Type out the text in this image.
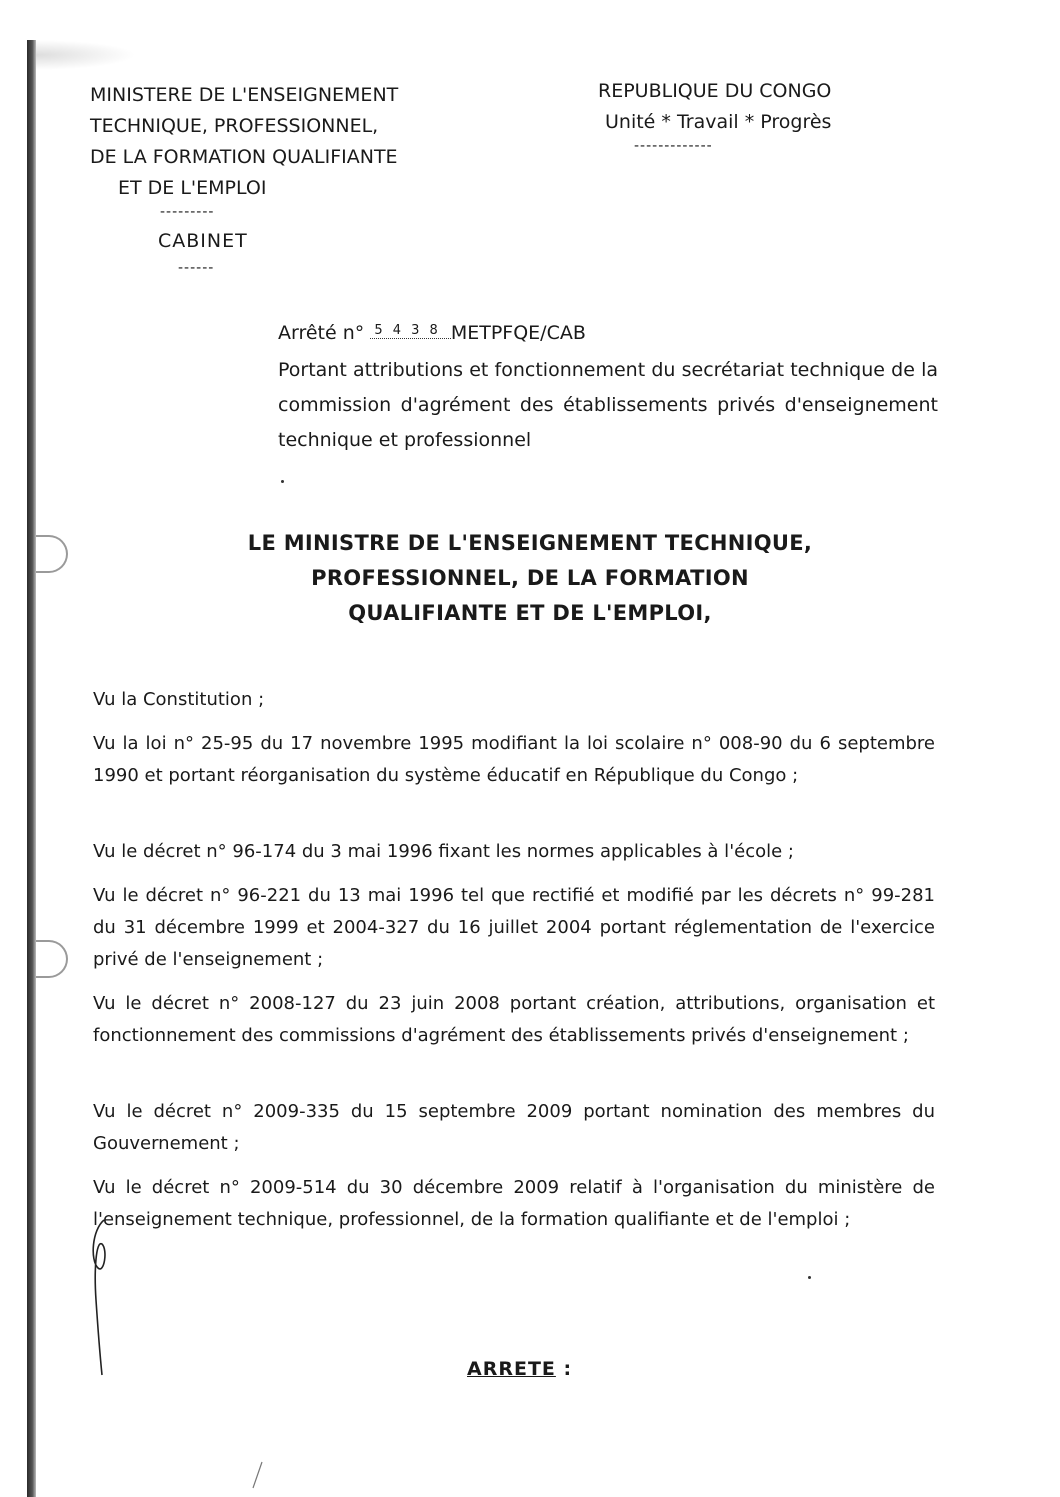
MINISTERE DE L'ENSEIGNEMENT
TECHNIQUE, PROFESSIONNEL,
DE LA FORMATION QUALIFIANTE
ET DE L'EMPLOI
---------
CABINET
------
REPUBLIQUE DU CONGO
Unité * Travail * Progrès
-------------
Arrêté n° $^{5 4 3 8}$ METPFQE/CAB
Portant attributions et fonctionnement du secrétariat technique de la commission d'agrément des établissements privés d'enseignement technique et professionnel
LE MINISTRE DE L'ENSEIGNEMENT TECHNIQUE,
PROFESSIONNEL, DE LA FORMATION
QUALIFIANTE ET DE L'EMPLOI,
Vu la Constitution ;
Vu la loi n° 25-95 du 17 novembre 1995 modifiant la loi scolaire n° 008-90 du 6 septembre 1990 et portant réorganisation du système éducatif en République du Congo ;
Vu le décret n° 96-174 du 3 mai 1996 fixant les normes applicables à l'école ;
Vu le décret n° 96-221 du 13 mai 1996 tel que rectifié et modifié par les décrets n° 99-281 du 31 décembre 1999 et 2004-327 du 16 juillet 2004 portant réglementation de l'exercice privé de l'enseignement ;
Vu le décret n° 2008-127 du 23 juin 2008 portant création, attributions, organisation et fonctionnement des commissions d'agrément des établissements privés d'enseignement ;
Vu le décret n° 2009-335 du 15 septembre 2009 portant nomination des membres du Gouvernement ;
Vu le décret n° 2009-514 du 30 décembre 2009 relatif à l'organisation du ministère de l'enseignement technique, professionnel, de la formation qualifiante et de l'emploi ;
ARRETE :
